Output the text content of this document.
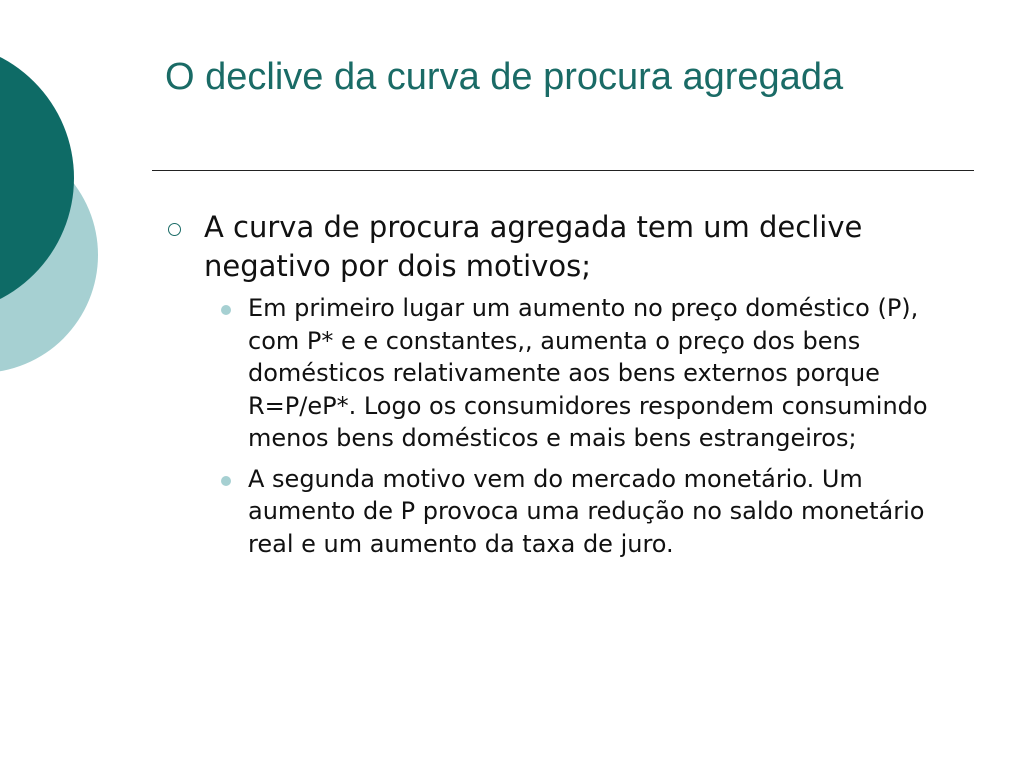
O declive da curva de procura agregada
A curva de procura agregada tem um declive negativo por dois motivos;
Em primeiro lugar um aumento no preço doméstico (P), com P* e e constantes,, aumenta o preço dos bens domésticos relativamente aos bens externos porque R=P/eP*. Logo os consumidores respondem consumindo menos bens domésticos e mais bens estrangeiros;
A segunda motivo vem do mercado monetário. Um aumento de P provoca uma redução no saldo monetário real e um aumento da taxa de juro.
